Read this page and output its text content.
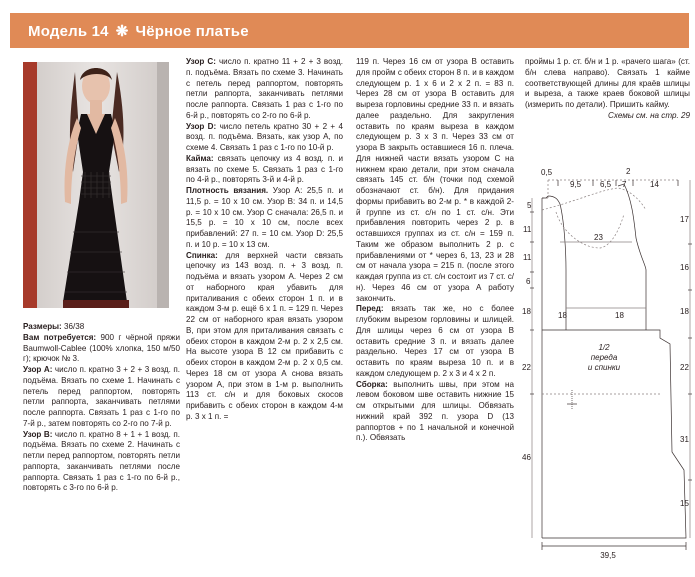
Модель 14 ❋ Чёрное платье

Размеры: 36/38

Вам потребуется: 900 г чёрной пряжи Baumwoll-Cablee (100% хлопка, 150 м/50 г); крючок № 3.

Узор А: число п. кратно 3 + 2 + 3 возд. п. подъёма. Вязать по схеме 1. Начинать с петель перед раппортом, повторять петли раппорта, заканчивать петлями после раппорта. Связать 1 раз с 1-го по 7-й р., затем повторять со 2-го по 7-й р.

Узор В: число п. кратно 8 + 1 + 1 возд. п. подъёма. Вязать по схеме 2. Начинать с петли перед раппортом, повторять петли раппорта, заканчивать петлями после раппорта. Связать 1 раз с 1-го по 6-й р., повторять с 3-го по 6-й р.

Узор С: число п. кратно 11 + 2 + 3 возд. п. подъёма. Вязать по схеме 3. Начинать с петель перед раппортом, повторять петли раппорта, заканчивать петлями после раппорта. Связать 1 раз с 1-го по 6-й р., повторять со 2-го по 6-й р.

Узор D: число петель кратно 30 + 2 + 4 возд. п. подъёма. Вязать, как узор А, по схеме 4. Связать 1 раз с 1-го по 10-й р.

Кайма: связать цепочку из 4 возд. п. и вязать по схеме 5. Связать 1 раз с 1-го по 4-й р., повторять 3-й и 4-й р.

Плотность вязания. Узор А: 25,5 п. и 11,5 р. = 10 х 10 см. Узор В: 34 п. и 14,5 р. = 10 х 10 см. Узор С сначала: 26,5 п. и 15,5 р. = 10 х 10 см, после всех прибавлений: 27 п. = 10 см. Узор D: 25,5 п. и 10 р. = 10 х 13 см.

Спинка: для верхней части связать цепочку из 143 возд. п. + 3 возд. п. подъёма и вязать узором А. Через 2 см от наборного края убавить для приталивания с обеих сторон 1 п. и в каждом 3-м р. ещё 6 х 1 п. = 129 п. Через 22 см от наборного края вязать узором В, при этом для приталивания связать с обеих сторон в каждом 2-м р. 2 х 2,5 см. На высоте узора В 12 см прибавить с обеих сторон в каждом 2-м р. 2 х 0,5 см. Через 18 см от узора А снова вязать узором А, при этом в 1-м р. выполнить 113 ст. с/н и для боковых скосов прибавить с обеих сторон в каждом 4-м р. 3 х 1 п. =

119 п. Через 16 см от узора В оставить для пройм с обеих сторон 8 п. и в каждом следующем р. 1 х 6 и 2 х 2 п. = 83 п. Через 28 см от узора В оставить для выреза горловины средние 33 п. и вязать далее раздельно. Для закругления оставить по краям выреза в каждом следующем р. 3 х 3 п. Через 33 см от узора В закрыть оставшиеся 16 п. плеча. Для нижней части вязать узором С на нижнем краю детали, при этом сначала связать 145 ст. б/н (точки под схемой обозначают ст. б/н). Для придания формы прибавить во 2-м р. * в каждой 2-й группе из ст. с/н по 1 ст. с/н. Эти прибавления повторить через 2 р. в оставшихся группах из ст. с/н = 159 п. Таким же образом выполнить 2 р. с прибавлениями от * через 6, 13, 23 и 28 см от начала узора = 215 п. (после этого каждая группа из ст. с/н состоит из 7 ст. с/н). Через 46 см от узора А работу закончить.

Перед: вязать так же, но с более глубоким вырезом горловины и шлицей. Для шлицы через 6 см от узора В оставить средние 3 п. и вязать далее раздельно. Через 17 см от узора В оставить по краям выреза 10 п. и в каждом следующем р. 2 х 3 и 4 х 2 п.

Сборка: выполнить швы, при этом на левом боковом шве оставить нижние 15 см открытыми для шлицы. Обвязать нижний край 392 п. узора D (13 раппортов + по 1 начальной и конечной п.). Обвязать

проймы 1 р. ст. б/н и 1 р. «рачего шага» (ст. б/н слева направо). Связать 1 кайме соответствующей длины для краёв шлицы и выреза, а также краев боковой шлицы (измерить по детали). Пришить кайму.

Схемы см. на стр. 29

0,5
9,5 6,5 7
2
14
5
11
11
6
18
22
46
17
16
18
22
31
15
23
18	18
1/2
переда
и спинки
39,5
